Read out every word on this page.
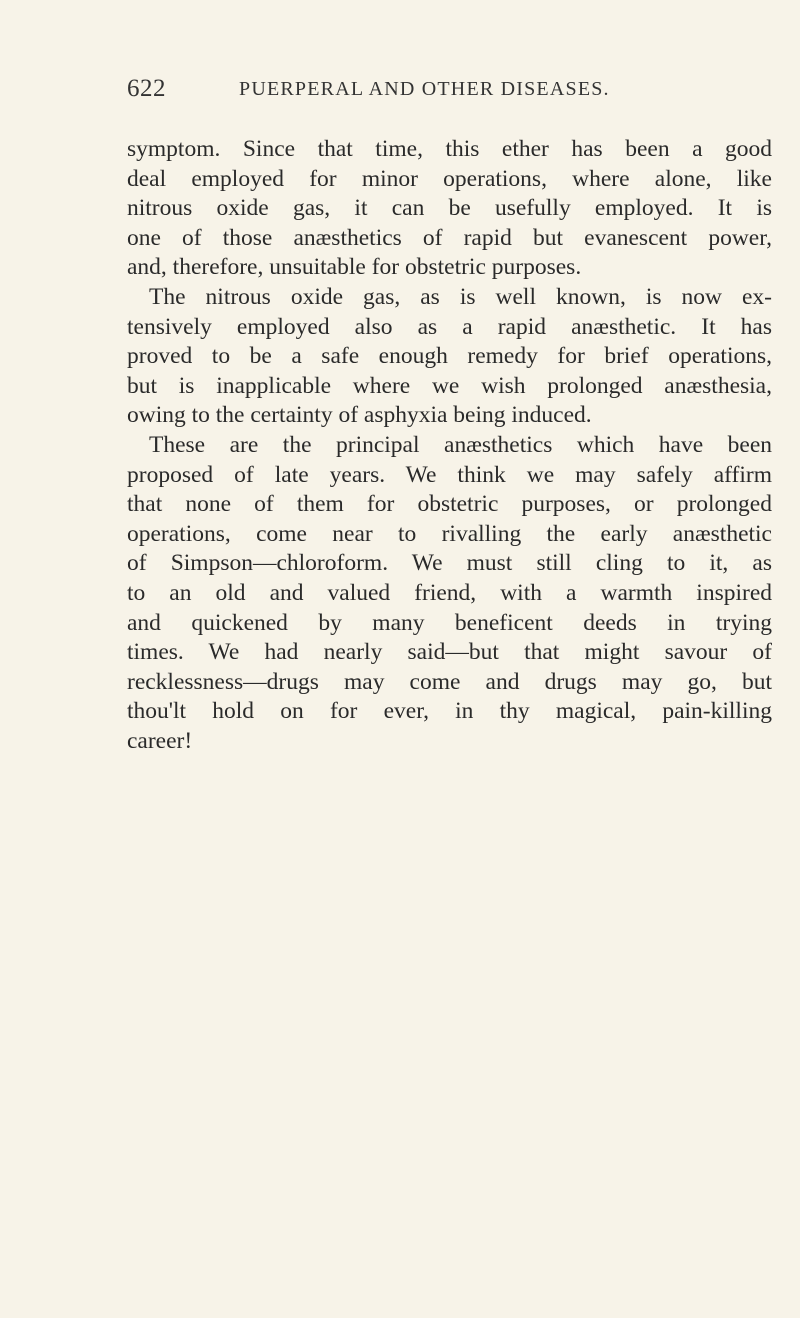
622	PUERPERAL AND OTHER DISEASES.
symptom. Since that time, this ether has been a good
deal employed for minor operations, where alone, like
nitrous oxide gas, it can be usefully employed. It is
one of those anæsthetics of rapid but evanescent power,
and, therefore, unsuitable for obstetric purposes.
The nitrous oxide gas, as is well known, is now ex-
tensively employed also as a rapid anæsthetic. It has
proved to be a safe enough remedy for brief operations,
but is inapplicable where we wish prolonged anæsthesia,
owing to the certainty of asphyxia being induced.
These are the principal anæsthetics which have been
proposed of late years. We think we may safely affirm
that none of them for obstetric purposes, or prolonged
operations, come near to rivalling the early anæsthetic
of Simpson—chloroform. We must still cling to it, as
to an old and valued friend, with a warmth inspired
and quickened by many beneficent deeds in trying
times. We had nearly said—but that might savour of
recklessness—drugs may come and drugs may go, but
thou'lt hold on for ever, in thy magical, pain-killing
career!
